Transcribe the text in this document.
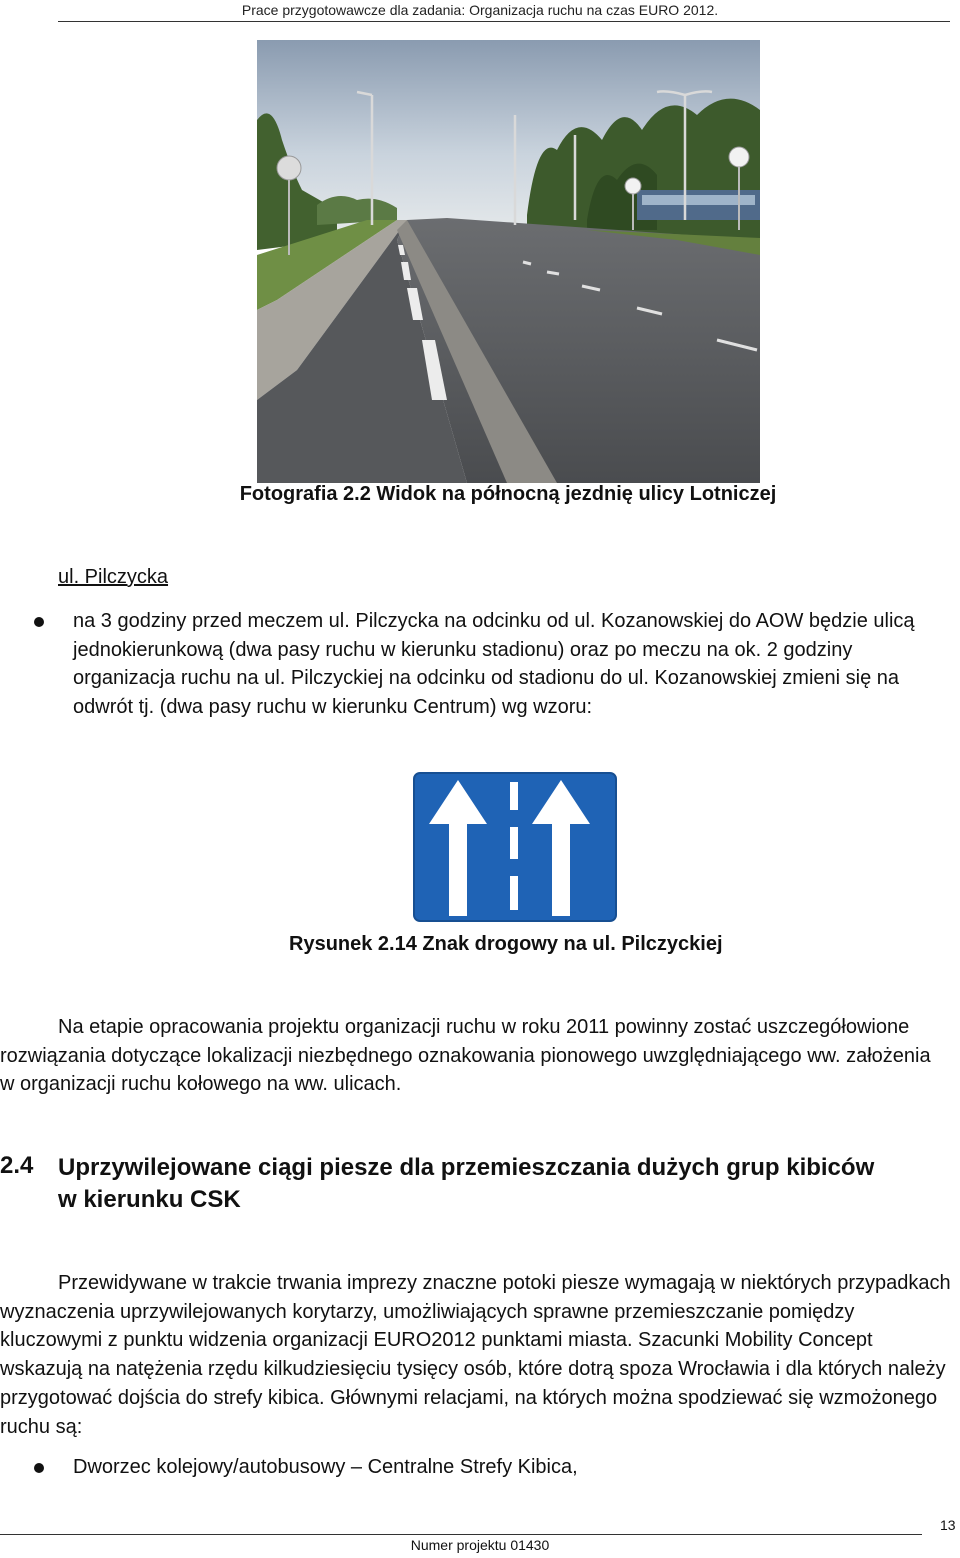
Prace przygotowawcze dla zadania: Organizacja ruchu na czas EURO 2012.
Fotografia 2.2 Widok na północną jezdnię ulicy Lotniczej
ul. Pilczycka
na 3 godziny przed meczem ul. Pilczycka na odcinku od ul. Kozanowskiej do AOW będzie ulicą
jednokierunkową (dwa pasy ruchu w kierunku stadionu) oraz po meczu na ok. 2 godziny
organizacja ruchu na ul. Pilczyckiej na odcinku od stadionu do ul. Kozanowskiej zmieni się na
odwrót tj. (dwa pasy ruchu w kierunku Centrum) wg wzoru:
Rysunek 2.14 Znak drogowy na ul. Pilczyckiej
Na etapie opracowania projektu organizacji ruchu w roku 2011 powinny zostać uszczegółowione
rozwiązania dotyczące lokalizacji niezbędnego oznakowania pionowego uwzględniającego ww. założenia
w organizacji ruchu kołowego na ww. ulicach.
2.4 Uprzywilejowane ciągi piesze dla przemieszczania dużych grup kibiców
w kierunku CSK
Przewidywane w trakcie trwania imprezy znaczne potoki piesze wymagają w niektórych przypadkach
wyznaczenia uprzywilejowanych korytarzy, umożliwiających sprawne przemieszczanie pomiędzy
kluczowymi z punktu widzenia organizacji EURO2012 punktami miasta. Szacunki Mobility Concept
wskazują na natężenia rzędu kilkudziesięciu tysięcy osób, które dotrą spoza Wrocławia i dla których należy
przygotować dojścia do strefy kibica. Głównymi relacjami, na których można spodziewać się wzmożonego
ruchu są:
Dworzec kolejowy/autobusowy – Centralne Strefy Kibica,
13
Numer projektu 01430
